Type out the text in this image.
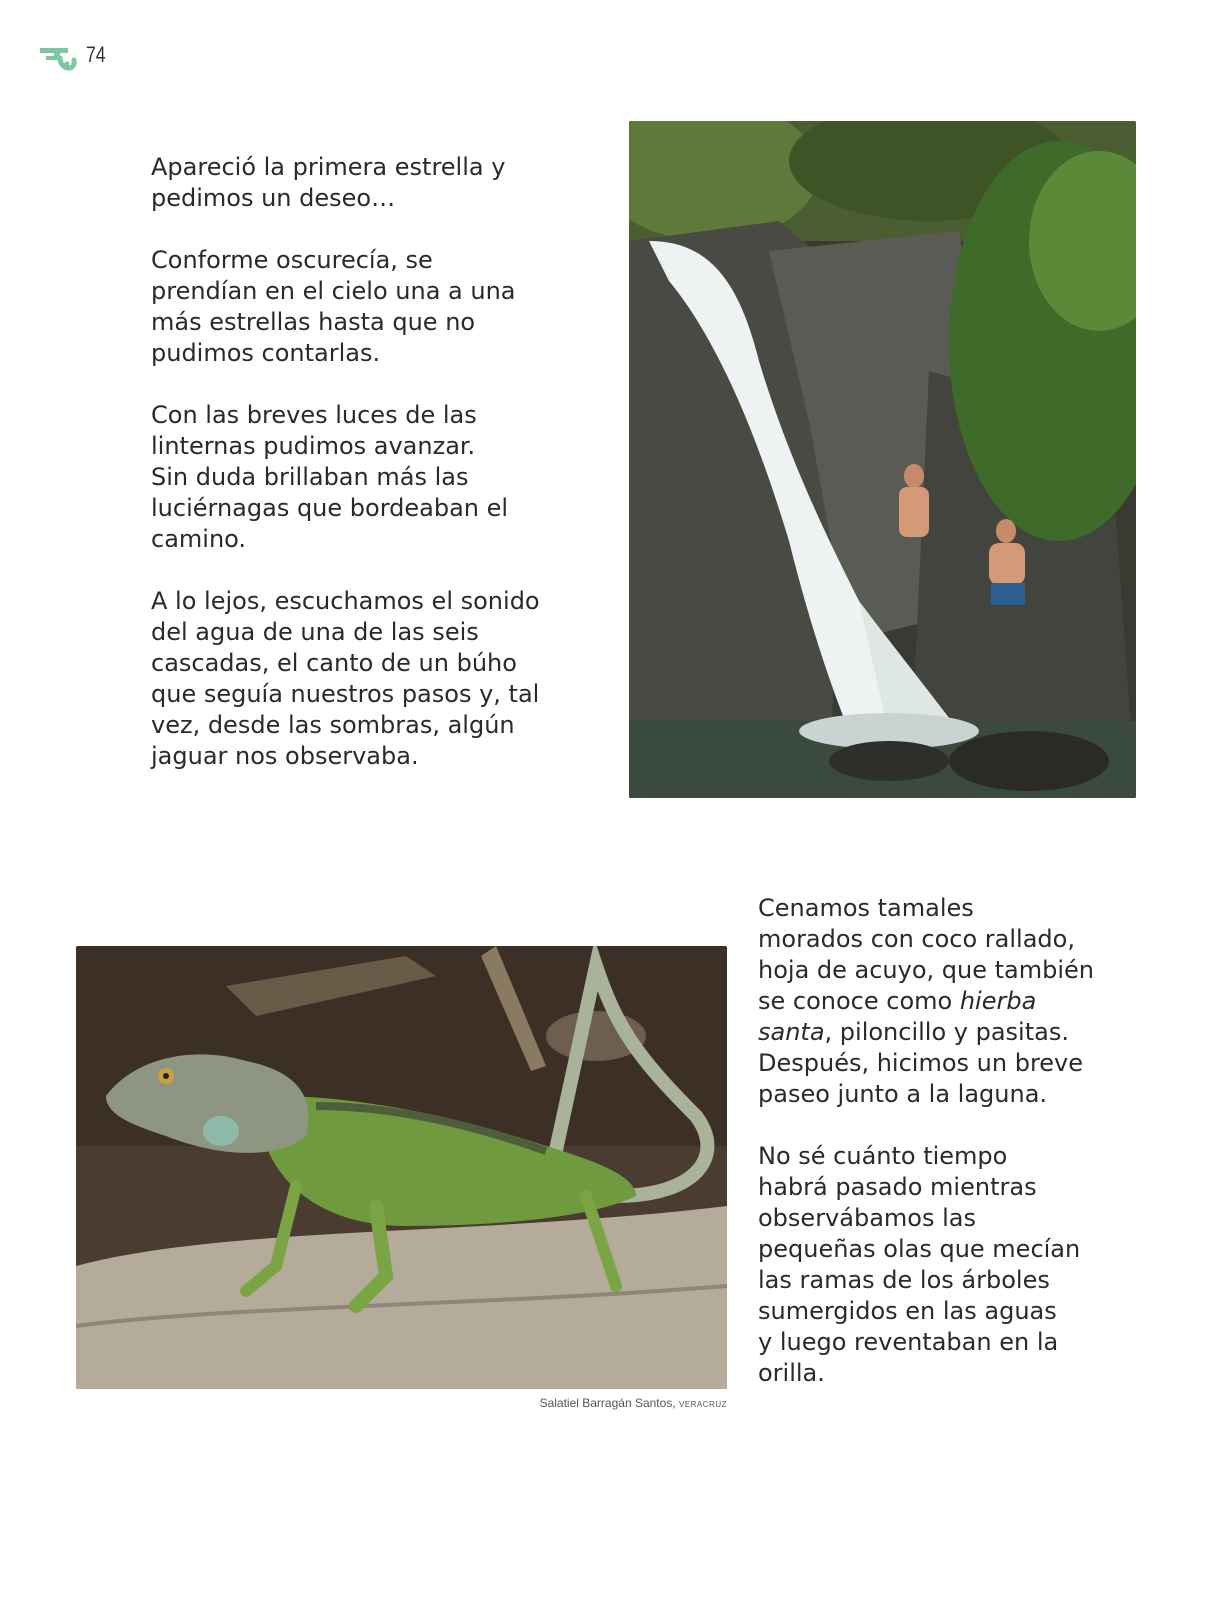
74

Apareció la primera estrella y
pedimos un deseo…

Conforme oscurecía, se
prendían en el cielo una a una
más estrellas hasta que no
pudimos contarlas.

Con las breves luces de las
linternas pudimos avanzar.
Sin duda brillaban más las
luciérnagas que bordeaban el
camino.

A lo lejos, escuchamos el sonido
del agua de una de las seis
cascadas, el canto de un búho
que seguía nuestros pasos y, tal
vez, desde las sombras, algún
jaguar nos observaba.

Salatiel Barragán Santos, VERACRUZ

Cenamos tamales
morados con coco rallado,
hoja de acuyo, que también
se conoce como hierba
santa, piloncillo y pasitas.
Después, hicimos un breve
paseo junto a la laguna.

No sé cuánto tiempo
habrá pasado mientras
observábamos las
pequeñas olas que mecían
las ramas de los árboles
sumergidos en las aguas
y luego reventaban en la
orilla.
